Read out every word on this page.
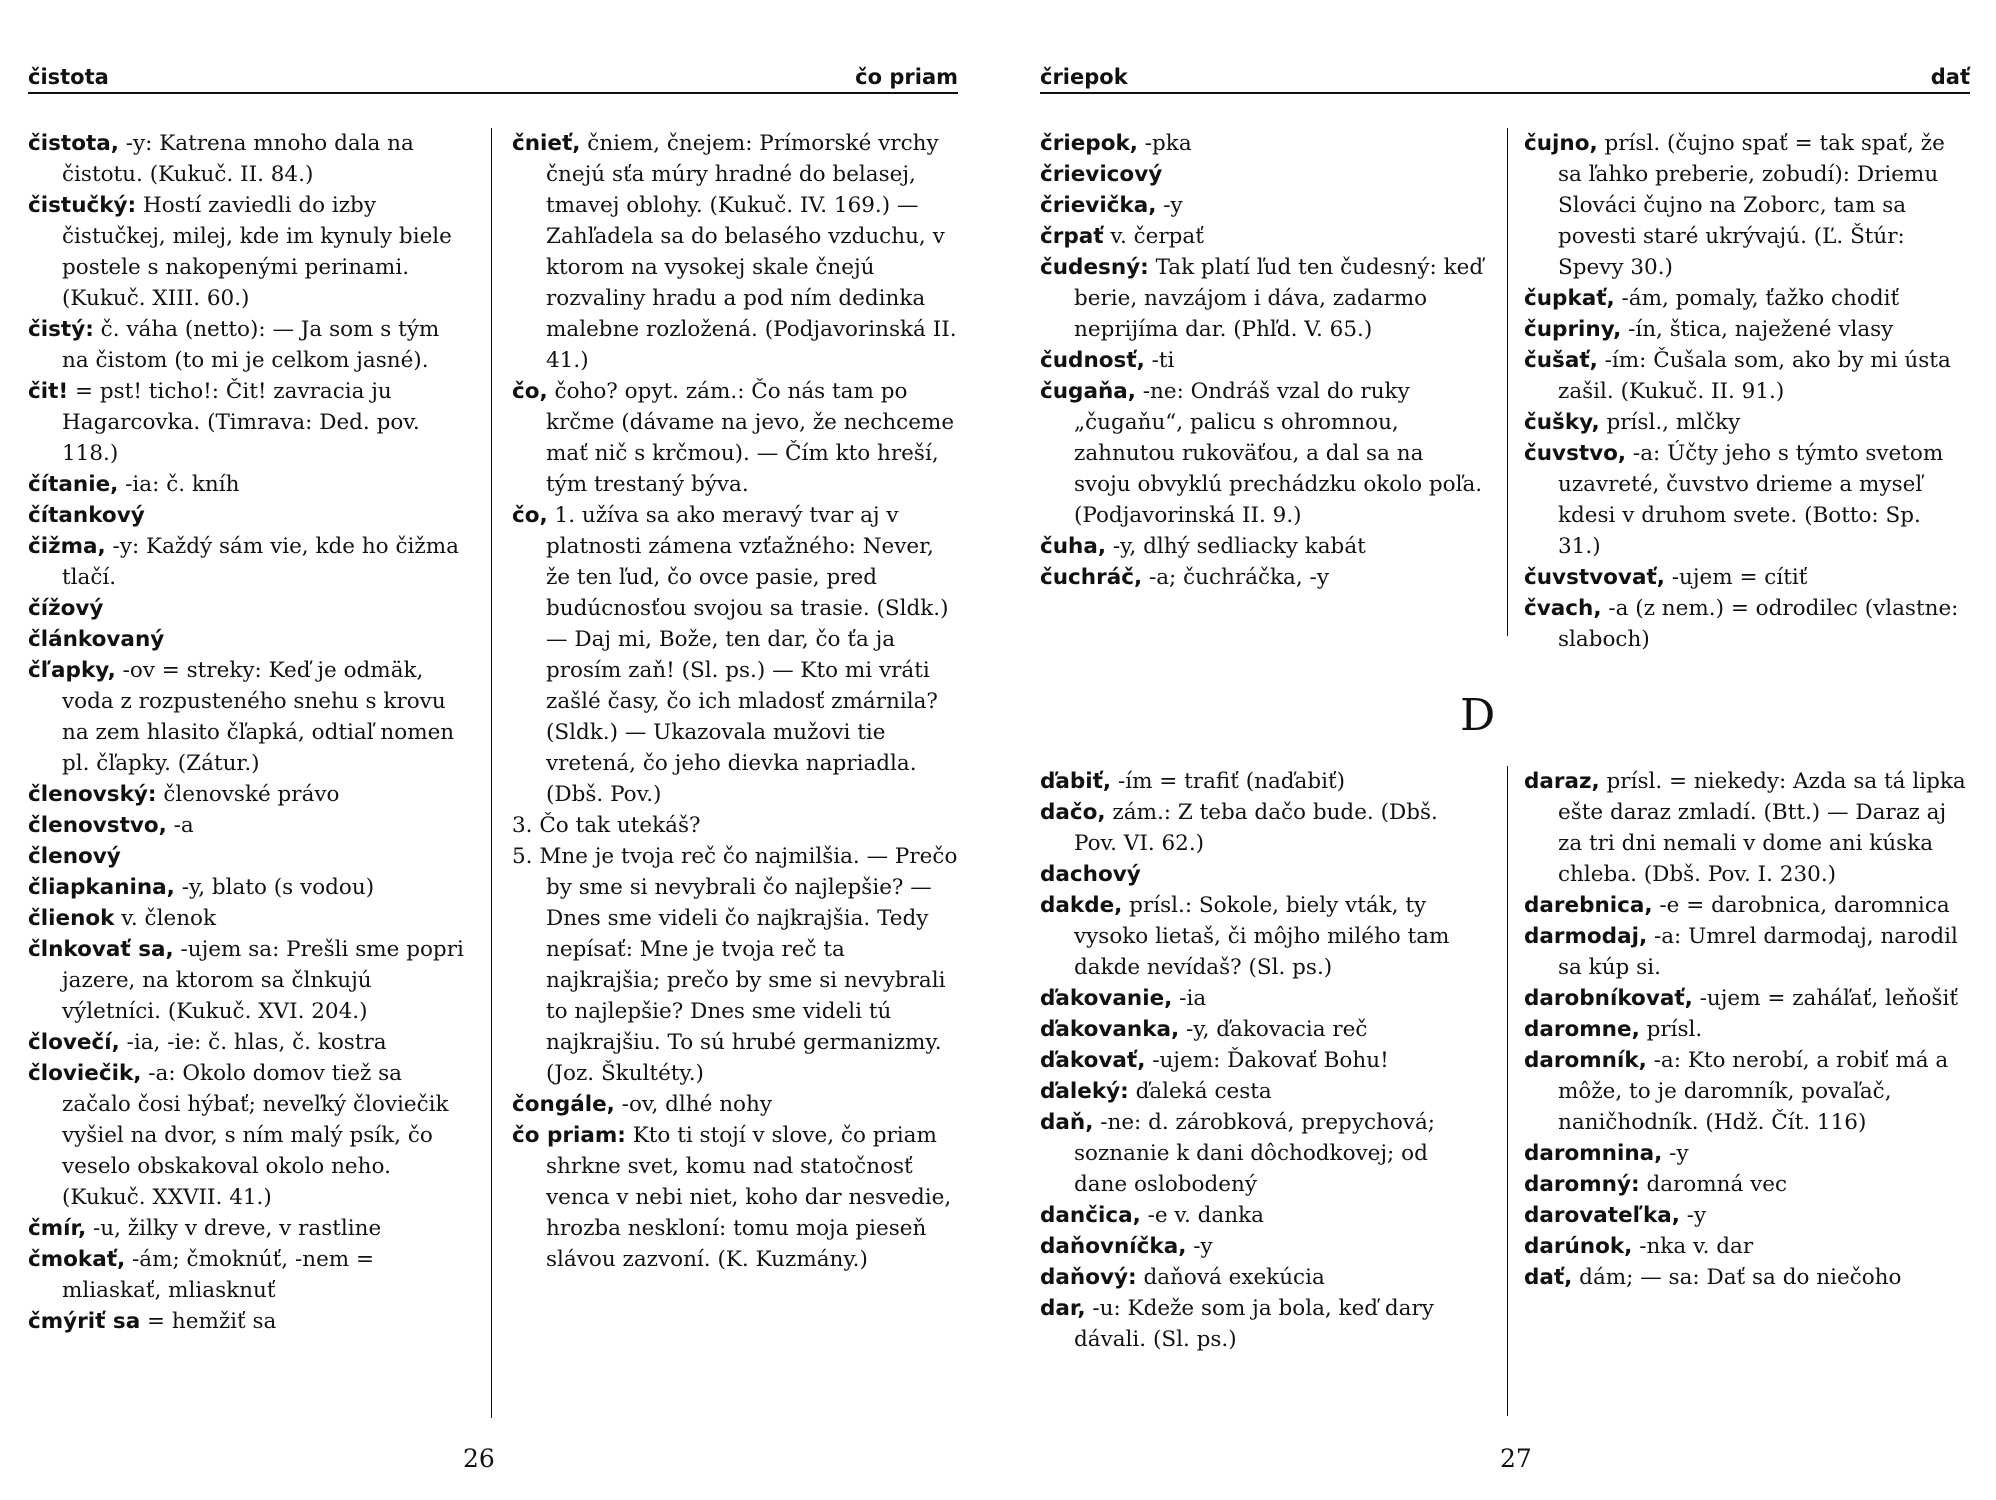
čistota	čo priam
čistota, -y: Katrena mnoho dala na čistotu. (Kukuč. II. 84.)
čistučký: Hostí zaviedli do izby čistučkej, milej, kde im kynuly biele postele s nakopenými perinami. (Kukuč. XIII. 60.)
čistý: č. váha (netto): — Ja som s tým na čistom (to mi je celkom jasné).
čit! = pst! ticho!: Čit! zavracia ju Hagarcovka. (Timrava: Ded. pov. 118.)
čítanie, -ia: č. kníh
čítankový
čižma, -y: Každý sám vie, kde ho čižma tlačí.
čížový
článkovaný
čľapky, -ov = streky: Keď je odmäk, voda z rozpusteného snehu s krovu na zem hlasito čľapká, odtiaľ nomen pl. čľapky. (Zátur.)
členovský: členovské právo
členovstvo, -a
členový
čliapkanina, -y, blato (s vodou)
člienok v. členok
člnkovať sa, -ujem sa: Prešli sme popri jazere, na ktorom sa člnkujú výletníci. (Kukuč. XVI. 204.)
človečí, -ia, -ie: č. hlas, č. kostra
človiečik, -a: Okolo domov tiež sa začalo čosi hýbať; neveľký človiečik vyšiel na dvor, s ním malý psík, čo veselo obskakoval okolo neho. (Kukuč. XXVII. 41.)
čmír, -u, žilky v dreve, v rastline
čmokať, -ám; čmoknúť, -nem = mliaskať, mliasknuť
čmýriť sa = hemžiť sa
čnieť, čniem, čnejem: Prímorské vrchy čnejú sťa múry hradné do belasej, tmavej oblohy. (Kukuč. IV. 169.) — Zahľadela sa do belasého vzduchu, v ktorom na vysokej skale čnejú rozvaliny hradu a pod ním dedinka malebne rozložená. (Podjavorinská II. 41.)
čo, čoho? opyt. zám.: Čo nás tam po krčme (dávame na jevo, že nechceme mať nič s krčmou). — Čím kto hreší, tým trestaný býva.
čo, 1. užíva sa ako meravý tvar aj v platnosti zámena vzťažného: Never, že ten ľud, čo ovce pasie, pred budúcnosťou svojou sa trasie. (Sldk.) — Daj mi, Bože, ten dar, čo ťa ja prosím zaň! (Sl. ps.) — Kto mi vráti zašlé časy, čo ich mladosť zmárnila? (Sldk.) — Ukazovala mužovi tie vretená, čo jeho dievka napriadla. (Dbš. Pov.)
3. Čo tak utekáš?
5. Mne je tvoja reč čo najmilšia. — Prečo by sme si nevybrali čo najlepšie? — Dnes sme videli čo najkrajšia. Tedy nepísať: Mne je tvoja reč ta najkrajšia; prečo by sme si nevybrali to najlepšie? Dnes sme videli tú najkrajšiu. To sú hrubé germanizmy. (Joz. Škultéty.)
čongále, -ov, dlhé nohy
čo priam: Kto ti stojí v slove, čo priam shrkne svet, komu nad statočnosť venca v nebi niet, koho dar nesvedie, hrozba neskloní: tomu moja pieseň slávou zazvoní. (K. Kuzmány.)
26
čriepok	dať
čriepok, -pka
črievicový
črievička, -y
črpať v. čerpať
čudesný: Tak platí ľud ten čudesný: keď berie, navzájom i dáva, zadarmo neprijíma dar. (Phľd. V. 65.)
čudnosť, -ti
čugaňa, -ne: Ondráš vzal do ruky „čugaňu“, palicu s ohromnou, zahnutou rukoväťou, a dal sa na svoju obvyklú prechádzku okolo poľa. (Podjavorinská II. 9.)
čuha, -y, dlhý sedliacky kabát
čuchráč, -a; čuchráčka, -y
čujno, prísl. (čujno spať = tak spať, že sa ľahko preberie, zobudí): Driemu Slováci čujno na Zoborc, tam sa povesti staré ukrývajú. (Ľ. Štúr: Spevy 30.)
čupkať, -ám, pomaly, ťažko chodiť
čupriny, -ín, štica, naježené vlasy
čušať, -ím: Čušala som, ako by mi ústa zašil. (Kukuč. II. 91.)
čušky, prísl., mlčky
čuvstvo, -a: Účty jeho s týmto svetom uzavreté, čuvstvo drieme a myseľ kdesi v druhom svete. (Botto: Sp. 31.)
čuvstvovať, -ujem = cítiť
čvach, -a (z nem.) = odrodilec (vlastne: slaboch)
D
ďabiť, -ím = trafiť (naďabiť)
dačo, zám.: Z teba dačo bude. (Dbš. Pov. VI. 62.)
dachový
dakde, prísl.: Sokole, biely vták, ty vysoko lietaš, či môjho milého tam dakde nevídaš? (Sl. ps.)
ďakovanie, -ia
ďakovanka, -y, ďakovacia reč
ďakovať, -ujem: Ďakovať Bohu!
ďaleký: ďaleká cesta
daň, -ne: d. zárobková, prepychová; soznanie k dani dôchodkovej; od dane oslobodený
dančica, -e v. danka
daňovníčka, -y
daňový: daňová exekúcia
dar, -u: Kdeže som ja bola, keď dary dávali. (Sl. ps.)
daraz, prísl. = niekedy: Azda sa tá lipka ešte daraz zmladí. (Btt.) — Daraz aj za tri dni nemali v dome ani kúska chleba. (Dbš. Pov. I. 230.)
darebnica, -e = darobnica, daromnica
darmodaj, -a: Umrel darmodaj, narodil sa kúp si.
darobníkovať, -ujem = zaháľať, leňošiť
daromne, prísl.
daromník, -a: Kto nerobí, a robiť má a môže, to je daromník, povaľač, naničhodník. (Hdž. Čít. 116)
daromnina, -y
daromný: daromná vec
darovateľka, -y
darúnok, -nka v. dar
dať, dám; — sa: Dať sa do niečoho
27
